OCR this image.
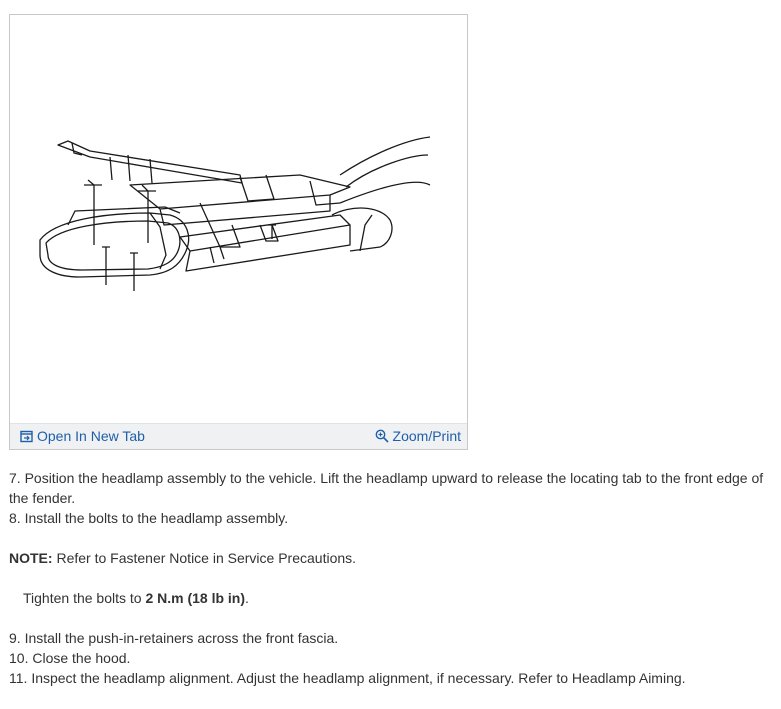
Open In New Tab	Zoom/Print

7. Position the headlamp assembly to the vehicle. Lift the headlamp upward to release the locating tab to the front edge of the fender.

8. Install the bolts to the headlamp assembly.

NOTE: Refer to Fastener Notice in Service Precautions.

Tighten the bolts to 2 N.m (18 lb in).

9. Install the push-in-retainers across the front fascia.

10. Close the hood.

11. Inspect the headlamp alignment. Adjust the headlamp alignment, if necessary. Refer to Headlamp Aiming.
